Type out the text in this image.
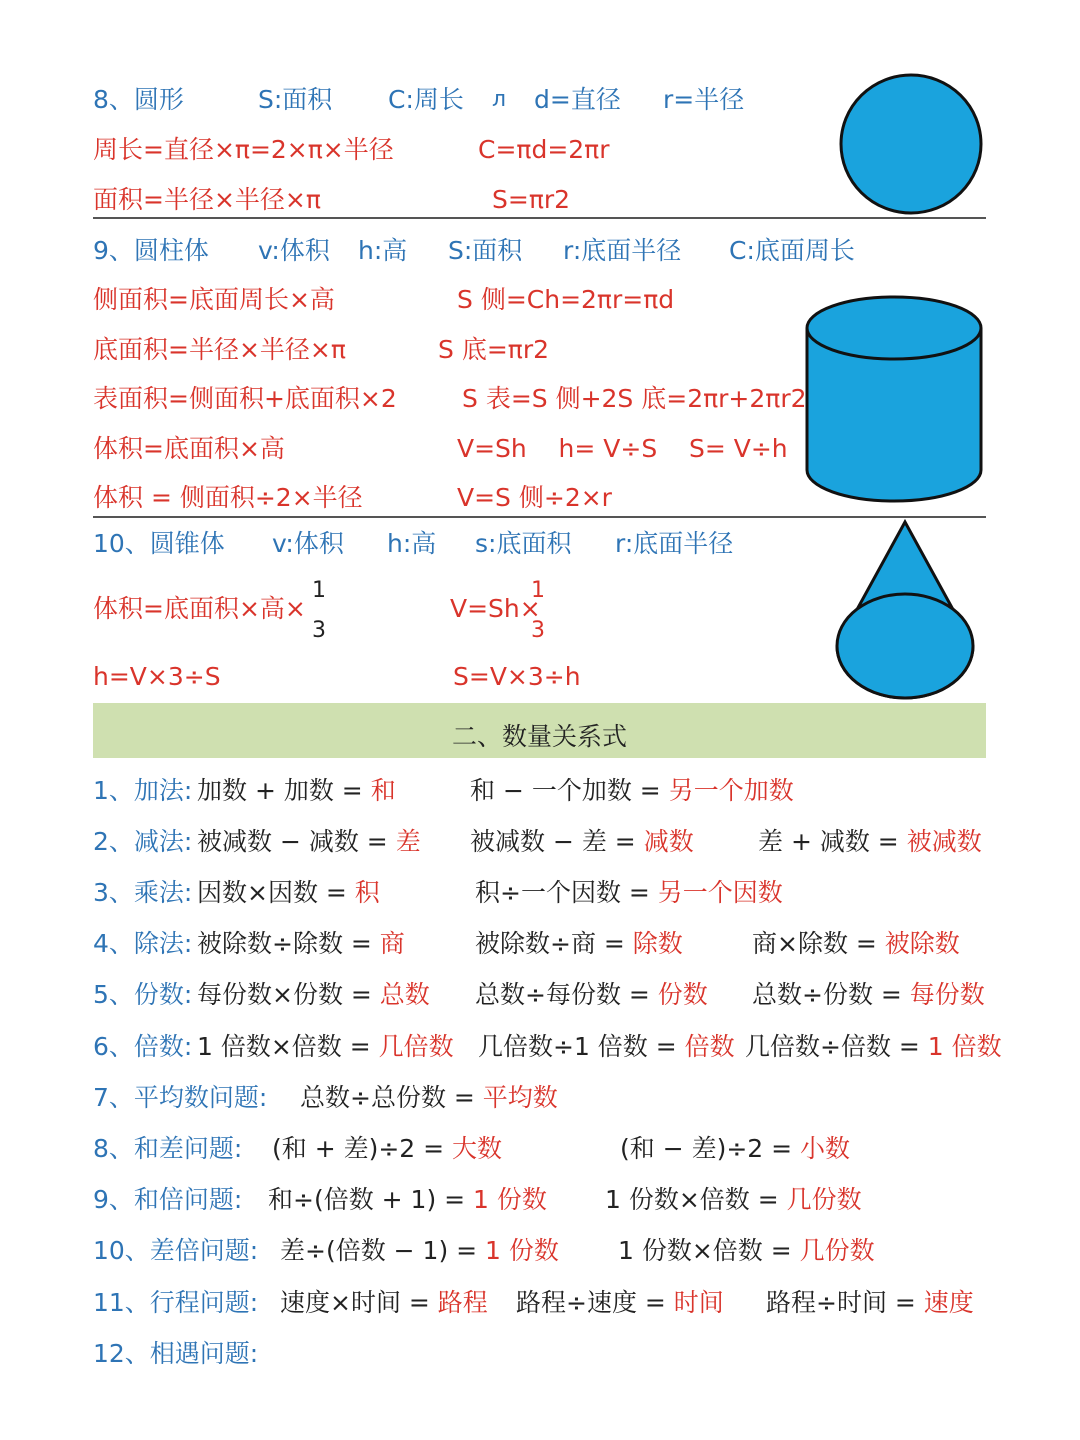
8、圆形	S:面积 C:周长 л d=直径 r=半径
周长=直径×π=2×π×半径	C=πd=2πr
面积=半径×半径×π	S=πr2
9、圆柱体 v:体积 h:高 S:面积 r:底面半径 C:底面周长
侧面积=底面周长×高	S 侧=Ch=2πr=πd
底面积=半径×半径×π	S 底=πr2
表面积=侧面积+底面积×2	S 表=S 侧+2S 底=2πr+2πr2
体积=底面积×高	V=Sh    h= V÷S    S= V÷h
体积 = 侧面积÷2×半径	V=S 侧÷2×r
10、圆锥体 v:体积 h:高 s:底面积 r:底面半径
体积=底面积×高×
1
3
V=Sh×
1
3
h=V×3÷S	S=V×3÷h
二、数量关系式
1、加法: 加数 + 加数 = 和	和 − 一个加数 = 另一个加数
2、减法: 被减数 − 减数 = 差 被减数 − 差 = 减数	差 + 减数 = 被减数
3、乘法: 因数×因数 = 积	积÷一个因数 = 另一个因数
4、除法: 被除数÷除数 = 商	被除数÷商 = 除数	商×除数 = 被除数
5、份数: 每份数×份数 = 总数 总数÷每份数 = 份数 总数÷份数 = 每份数
6、倍数: 1 倍数×倍数 = 几倍数 几倍数÷1 倍数 = 倍数 几倍数÷倍数 = 1 倍数
7、平均数问题: 总数÷总份数 = 平均数
8、和差问题: (和 + 差)÷2 = 大数	(和 − 差)÷2 = 小数
9、和倍问题: 和÷(倍数 + 1) = 1 份数 1 份数×倍数 = 几份数
10、差倍问题: 差÷(倍数 − 1) = 1 份数 1 份数×倍数 = 几份数
11、行程问题: 速度×时间 = 路程 路程÷速度 = 时间 路程÷时间 = 速度
12、相遇问题:
